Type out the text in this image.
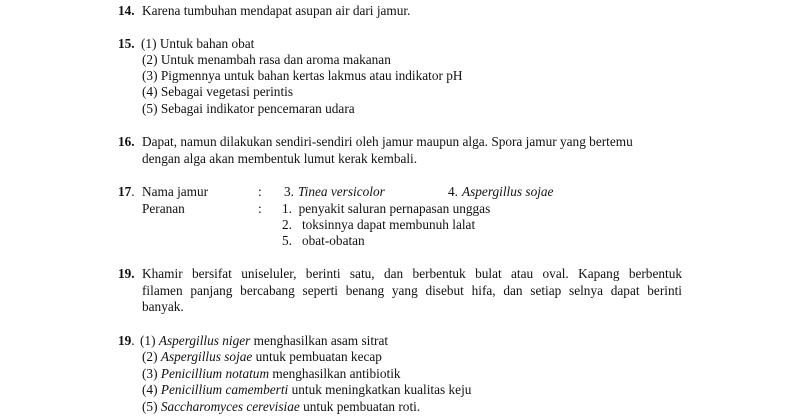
14. Karena tumbuhan mendapat asupan air dari jamur.
15. (1) Untuk bahan obat
(2) Untuk menambah rasa dan aroma makanan
(3) Pigmennya untuk bahan kertas lakmus atau indikator pH
(4) Sebagai vegetasi perintis
(5) Sebagai indikator pencemaran udara
16. Dapat, namun dilakukan sendiri-sendiri oleh jamur maupun alga. Spora jamur yang bertemu
dengan alga akan membentuk lumut kerak kembali.
17. Nama jamur	: 3. Tinea versicolor	4. Aspergillus sojae
Peranan	: 1.  penyakit saluran pernapasan unggas
2.   toksinnya dapat membunuh lalat
5.   obat-obatan
19. Khamir bersifat uniseluler, berinti satu, dan berbentuk bulat atau oval. Kapang berbentuk
filamen panjang bercabang seperti benang yang disebut hifa, dan setiap selnya dapat berinti
banyak.
19. (1) Aspergillus niger menghasilkan asam sitrat
(2) Aspergillus sojae untuk pembuatan kecap
(3) Penicillium notatum menghasilkan antibiotik
(4) Penicillium camemberti untuk meningkatkan kualitas keju
(5) Saccharomyces cerevisiae untuk pembuatan roti.
